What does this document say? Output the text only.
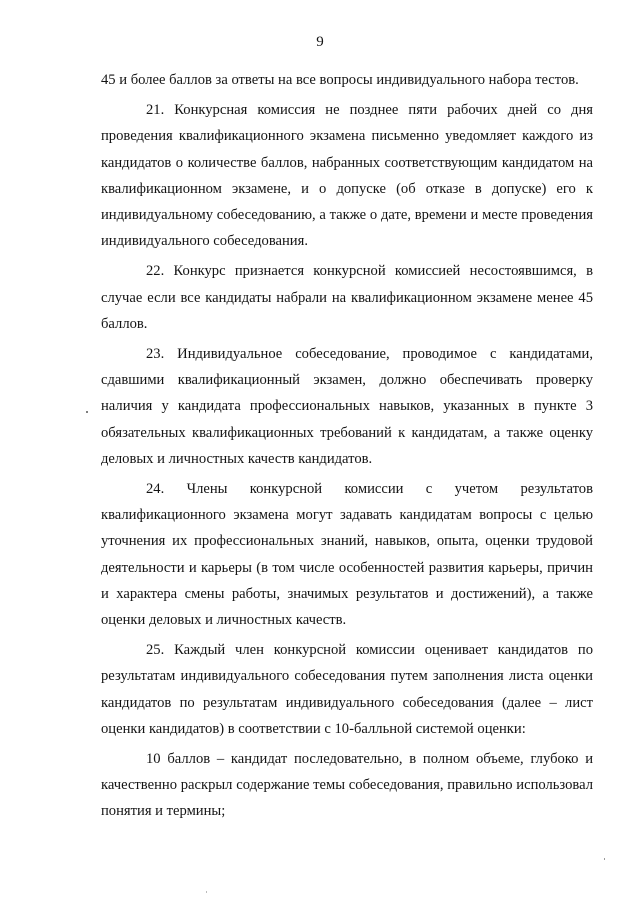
9

45 и более баллов за ответы на все вопросы индивидуального набора тестов.

21. Конкурсная комиссия не позднее пяти рабочих дней со дня проведения квалификационного экзамена письменно уведомляет каждого из кандидатов о количестве баллов, набранных соответствующим кандидатом на квалификационном экзамене, и о допуске (об отказе в допуске) его к индивидуальному собеседованию, а также о дате, времени и месте проведения индивидуального собеседования.

22. Конкурс признается конкурсной комиссией несостоявшимся, в случае если все кандидаты набрали на квалификационном экзамене менее 45 баллов.

23. Индивидуальное собеседование, проводимое с кандидатами, сдавшими квалификационный экзамен, должно обеспечивать проверку наличия у кандидата профессиональных навыков, указанных в пункте 3 обязательных квалификационных требований к кандидатам, а также оценку деловых и личностных качеств кандидатов.

24. Члены конкурсной комиссии с учетом результатов квалификационного экзамена могут задавать кандидатам вопросы с целью уточнения их профессиональных знаний, навыков, опыта, оценки трудовой деятельности и карьеры (в том числе особенностей развития карьеры, причин и характера смены работы, значимых результатов и достижений), а также оценки деловых и личностных качеств.

25. Каждый член конкурсной комиссии оценивает кандидатов по результатам индивидуального собеседования путем заполнения листа оценки кандидатов по результатам индивидуального собеседования (далее – лист оценки кандидатов) в соответствии с 10-балльной системой оценки:

10 баллов – кандидат последовательно, в полном объеме, глубоко и качественно раскрыл содержание темы собеседования, правильно использовал понятия и термины;
